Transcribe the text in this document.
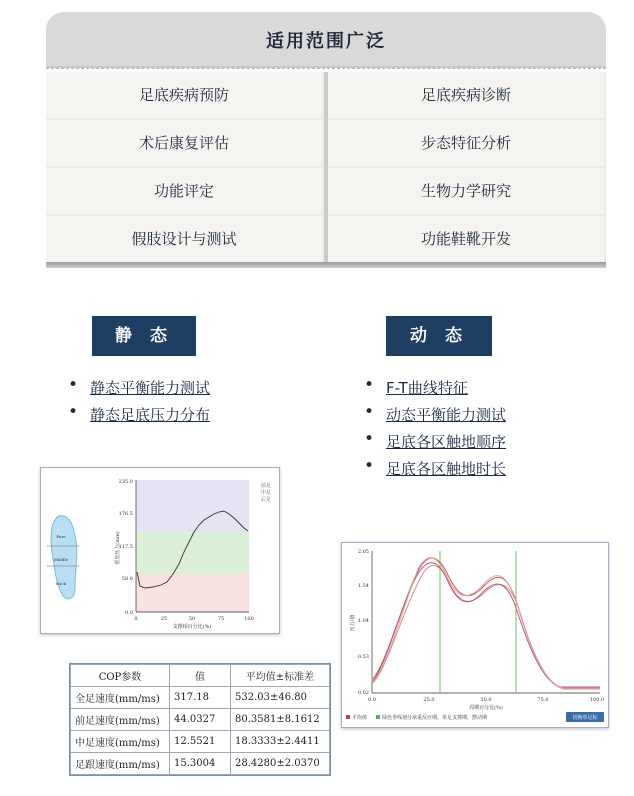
适用范围广泛
足底疾病预防	足底疾病诊断
术后康复评估	步态特征分析
功能评定	生物力学研究
假肢设计与测试	功能鞋靴开发
静 态	动 态
• 静态平衡能力测试
• 静态足底压力分布
• F-T曲线特征
• 动态平衡能力测试
• 足底各区触地顺序
• 足底各区触地时长
Fore
Middle
Back
235.0
176.5
117.5
58.8
0.0
0	25	50	75	100
支撑相百分比(%)
垂直压力(mm)
前足
中足
后足
2.05
1.54
1.04
0.53
0.02
0.0	25.0	50.0	75.0	100.0
周期百分比(%)
压力/值
平均值	绿色垂线划分承重反应期、单足支撑期、摆动期	切换单足标
COP参数	值	平均值±标准差
全足速度(mm/ms)	317.18	532.03±46.80
前足速度(mm/ms)	44.0327	80.3581±8.1612
中足速度(mm/ms)	12.5521	18.3333±2.4411
足跟速度(mm/ms)	15.3004	28.4280±2.0370
